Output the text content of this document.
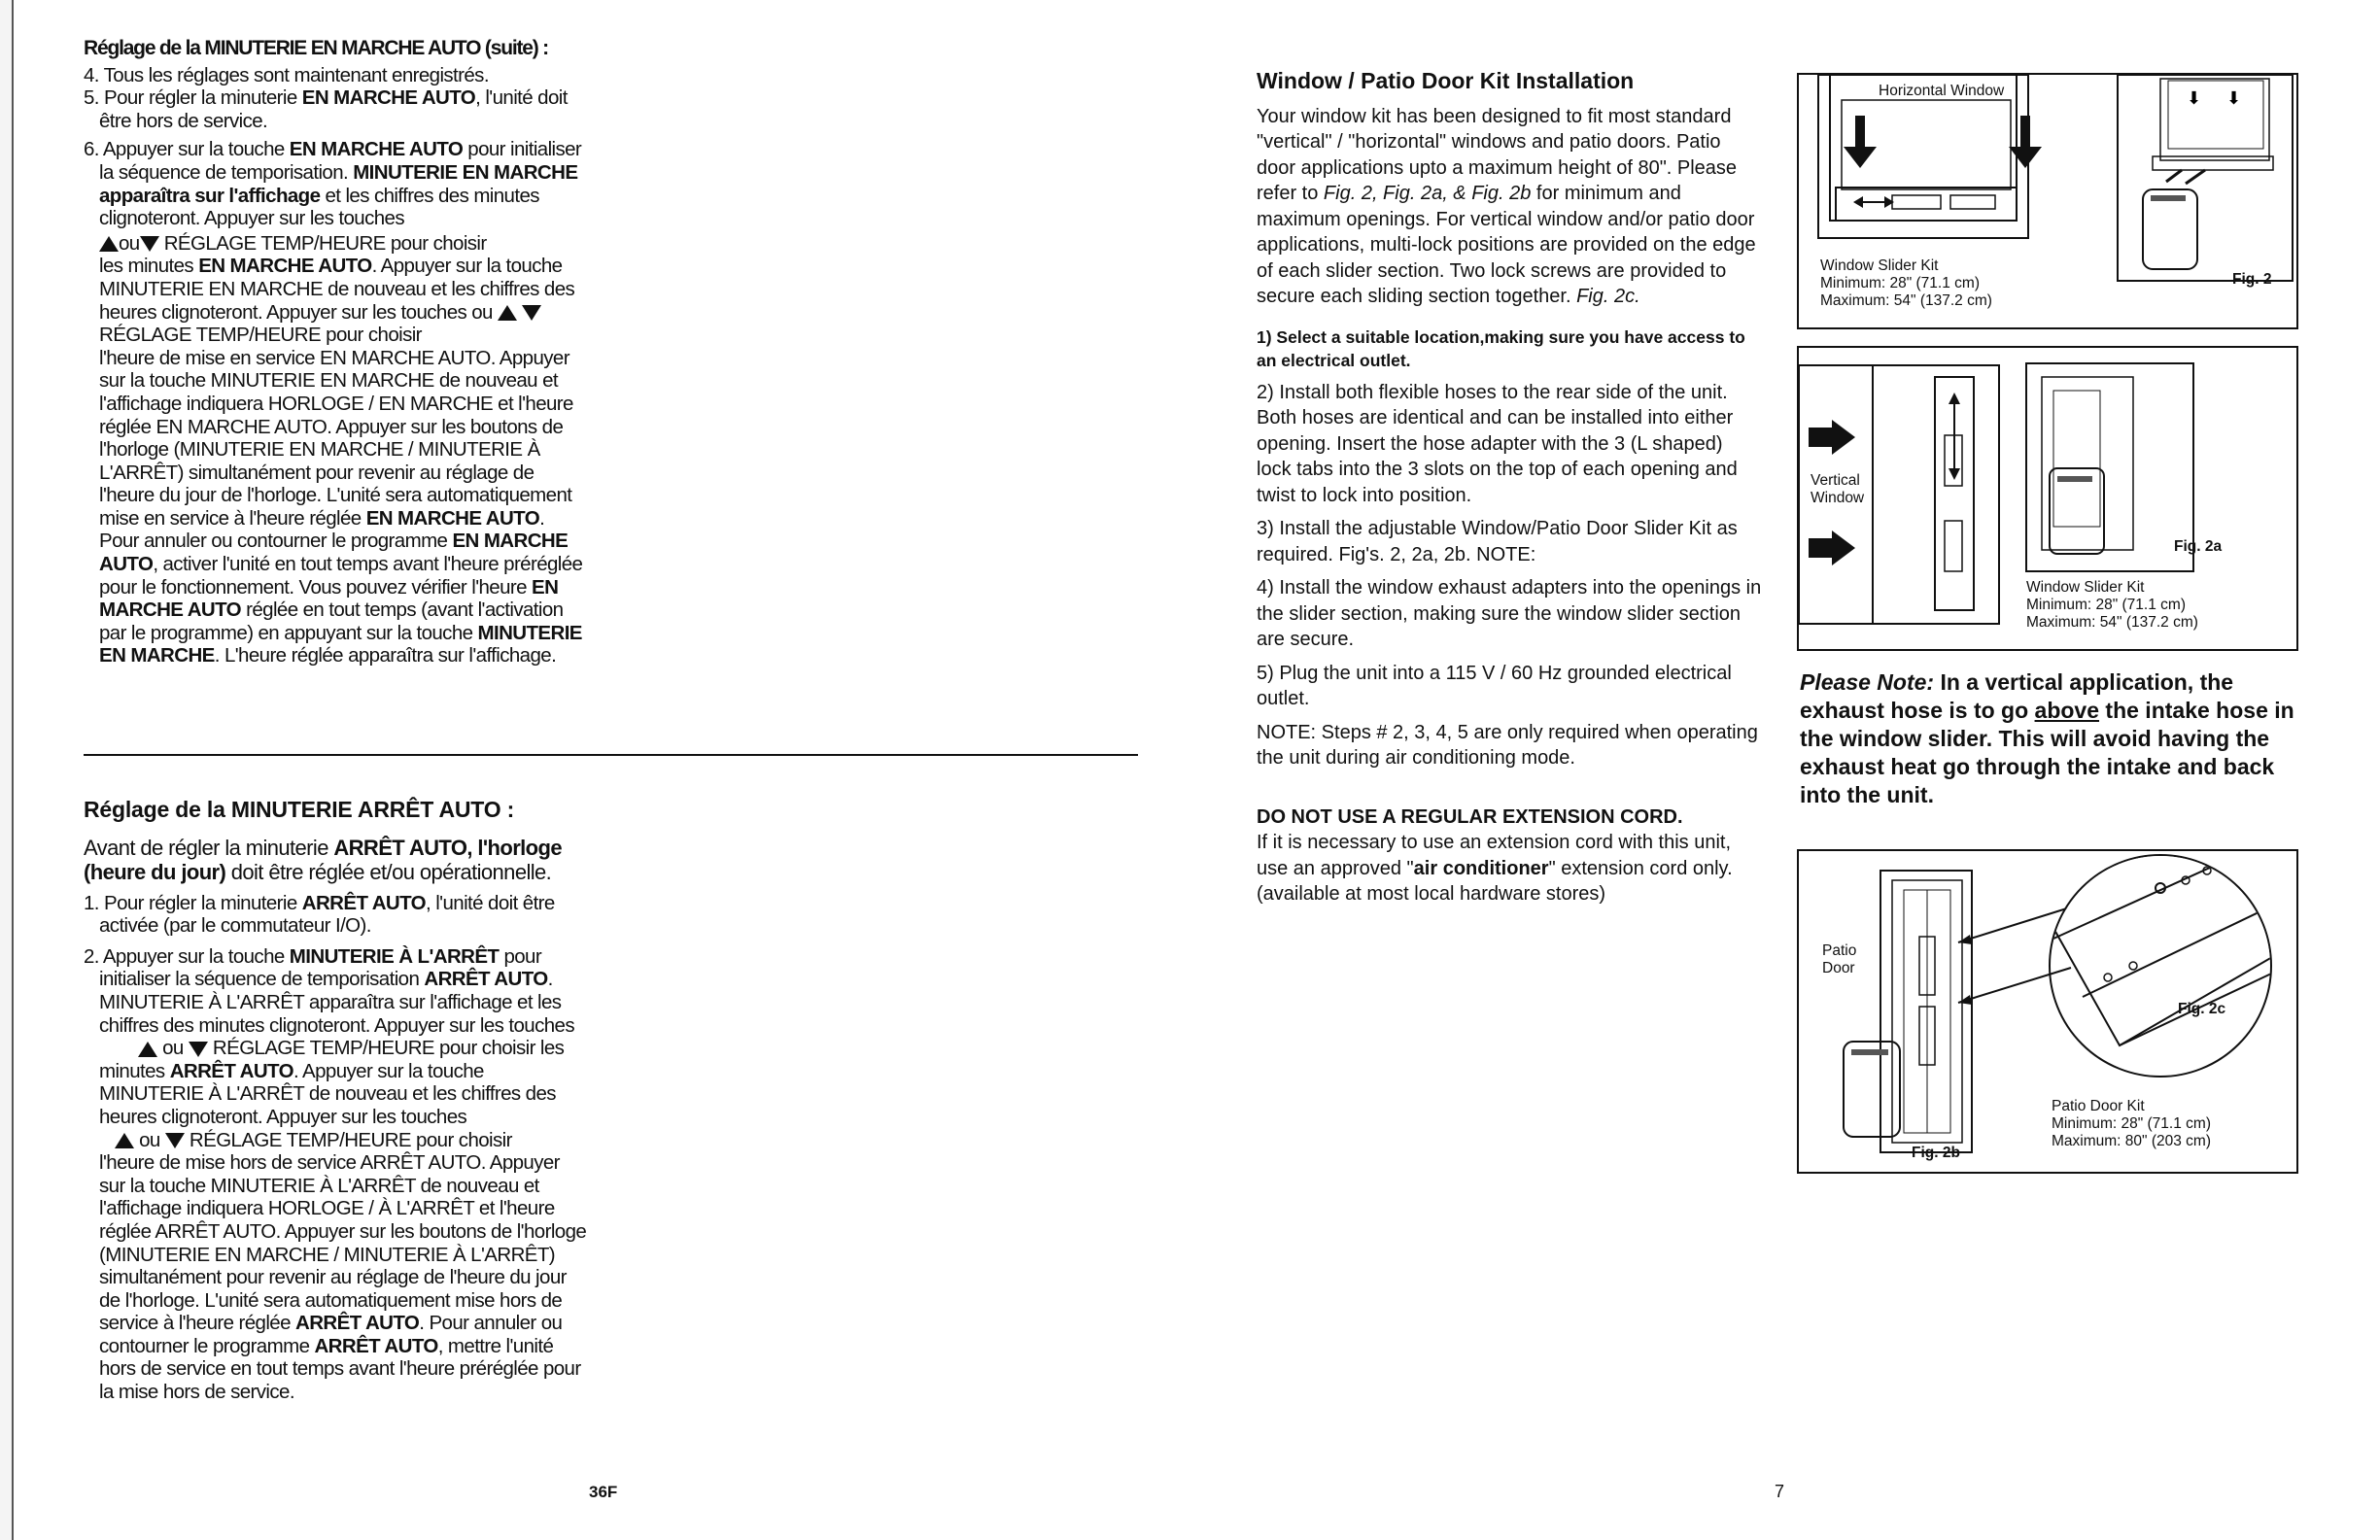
Réglage de la MINUTERIE EN MARCHE AUTO (suite) :

4. Tous les réglages sont maintenant enregistrés.

5. Pour régler la minuterie EN MARCHE AUTO, l'unité doit être hors de service.

6. Appuyer sur la touche EN MARCHE AUTO pour initialiser la séquence de temporisation. MINUTERIE EN MARCHE apparaîtra sur l'affichage et les chiffres des minutes clignoteront. Appuyer sur les touches

ou RÉGLAGE TEMP/HEURE pour choisir

les minutes EN MARCHE AUTO. Appuyer sur la touche MINUTERIE EN MARCHE de nouveau et les chiffres des heures clignoteront. Appuyer sur les touches ou   RÉGLAGE TEMP/HEURE pour choisir

l'heure de mise en service EN MARCHE AUTO. Appuyer sur la touche MINUTERIE EN MARCHE de nouveau et l'affichage indiquera HORLOGE / EN MARCHE et l'heure réglée EN MARCHE AUTO. Appuyer sur les boutons de l'horloge (MINUTERIE EN MARCHE / MINUTERIE À L'ARRÊT) simultanément pour revenir au réglage de l'heure du jour de l'horloge. L'unité sera automatiquement mise en service à l'heure réglée EN MARCHE AUTO. Pour annuler ou contourner le programme EN MARCHE AUTO, activer l'unité en tout temps avant l'heure préréglée pour le fonctionnement. Vous pouvez vérifier l'heure EN MARCHE AUTO réglée en tout temps (avant l'activation par le programme) en appuyant sur la touche MINUTERIE EN MARCHE. L'heure réglée apparaîtra sur l'affichage.

Réglage de la MINUTERIE ARRÊT AUTO :

Avant de régler la minuterie ARRÊT AUTO, l'horloge (heure du jour) doit être réglée et/ou opérationnelle.

1. Pour régler la minuterie ARRÊT AUTO, l'unité doit être activée (par le commutateur I/O).

2. Appuyer sur la touche MINUTERIE À L'ARRÊT pour initialiser la séquence de temporisation ARRÊT AUTO. MINUTERIE À L'ARRÊT apparaîtra sur l'affichage et les chiffres des minutes clignoteront. Appuyer sur les touches

ou  RÉGLAGE TEMP/HEURE pour choisir les minutes ARRÊT AUTO. Appuyer sur la touche MINUTERIE À L'ARRÊT de nouveau et les chiffres des heures clignoteront. Appuyer sur les touches

ou  RÉGLAGE TEMP/HEURE pour choisir

l'heure de mise hors de service ARRÊT AUTO. Appuyer sur la touche MINUTERIE À L'ARRÊT de nouveau et l'affichage indiquera HORLOGE / À L'ARRÊT et l'heure réglée ARRÊT AUTO. Appuyer sur les boutons de l'horloge (MINUTERIE EN MARCHE / MINUTERIE À L'ARRÊT) simultanément pour revenir au réglage de l'heure du jour de l'horloge. L'unité sera automatiquement mise hors de service à l'heure réglée ARRÊT AUTO. Pour annuler ou contourner le programme ARRÊT AUTO, mettre l'unité hors de service en tout temps avant l'heure préréglée pour la mise hors de service.

36F

Window / Patio Door Kit Installation

Your window kit has been designed to fit most standard "vertical" / "horizontal" windows and patio doors. Patio door applications upto a maximum height of 80". Please refer to Fig. 2, Fig. 2a, & Fig. 2b for minimum and maximum openings. For vertical window and/or patio door applications, multi-lock positions are provided on the edge of each slider section. Two lock screws are provided to secure each sliding section together. Fig. 2c.

1) Select a suitable location,making sure you have access to an electrical outlet.

2) Install both flexible hoses to the rear side of the unit. Both hoses are identical and can be installed into either opening. Insert the hose adapter with the 3 (L shaped) lock tabs into the 3 slots on the top of each opening and twist to lock into position.

3) Install the adjustable Window/Patio Door Slider Kit as required. Fig's. 2, 2a, 2b. NOTE:

4) Install the window exhaust adapters into the openings in the slider section, making sure the window slider section are secure.

5) Plug the unit into a 115 V / 60 Hz grounded electrical outlet.

NOTE: Steps # 2, 3, 4, 5 are only required when operating the unit during air conditioning mode.

DO NOT USE A REGULAR EXTENSION CORD.

If it is necessary to use an extension cord with this unit, use an approved "air conditioner" extension cord only. (available at most local hardware stores)

7
⬇ ⬇
Horizontal Window
Window Slider Kit
Minimum: 28" (71.1 cm)
Maximum: 54" (137.2 cm)
Fig. 2
Vertical
Window
Fig. 2a
Window Slider Kit
Minimum: 28" (71.1 cm)
Maximum: 54" (137.2 cm)
Please Note: In a vertical application, the exhaust hose is to go above the intake hose in the window slider. This will avoid having the exhaust heat go through the intake and back into the unit.
Patio
Door
Fig. 2c
Patio Door Kit
Minimum: 28" (71.1 cm)
Maximum: 80" (203 cm)
Fig. 2b
